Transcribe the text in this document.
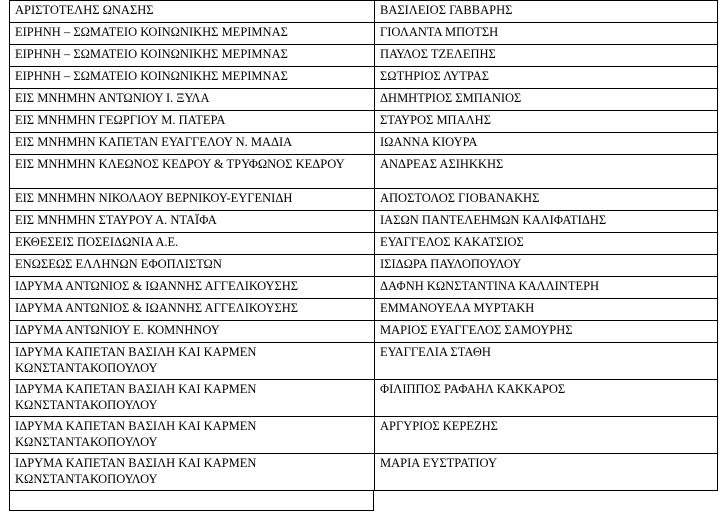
ΑΡΙΣΤΟΤΕΛΗΣ ΩΝΑΣΗΣ	ΒΑΣΙΛΕΙΟΣ ΓΑΒΒΑΡΗΣ
ΕΙΡΗΝΗ – ΣΩΜΑΤΕΙΟ ΚΟΙΝΩΝΙΚΗΣ ΜΕΡΙΜΝΑΣ	ΓΙΟΛΑΝΤΑ ΜΠΟΤΣΗ
ΕΙΡΗΝΗ – ΣΩΜΑΤΕΙΟ ΚΟΙΝΩΝΙΚΗΣ ΜΕΡΙΜΝΑΣ	ΠΑΥΛΟΣ ΤΖΕΛΕΠΗΣ
ΕΙΡΗΝΗ – ΣΩΜΑΤΕΙΟ ΚΟΙΝΩΝΙΚΗΣ ΜΕΡΙΜΝΑΣ	ΣΩΤΗΡΙΟΣ ΛΥΤΡΑΣ
ΕΙΣ ΜΝΗΜΗΝ ΑΝΤΩΝΙΟΥ Ι. ΞΥΛΑ	ΔΗΜΗΤΡΙΟΣ ΣΜΠΑΝΙΟΣ
ΕΙΣ ΜΝΗΜΗΝ ΓΕΩΡΓΙΟΥ Μ. ΠΑΤΕΡΑ	ΣΤΑΥΡΟΣ ΜΠΑΛΗΣ
ΕΙΣ ΜΝΗΜΗΝ ΚΑΠΕΤΑΝ ΕΥΑΓΓΕΛΟΥ Ν. ΜΑΔΙΑ	ΙΩΑΝΝΑ ΚΙΟΥΡΑ
ΕΙΣ ΜΝΗΜΗΝ ΚΛΕΩΝΟΣ ΚΕΔΡΟΥ & ΤΡΥΦΩΝΟΣ ΚΕΔΡΟΥ	ΑΝΔΡΕΑΣ ΑΣΙΗΚΚΗΣ
ΕΙΣ ΜΝΗΜΗΝ ΝΙΚΟΛΑΟΥ ΒΕΡΝΙΚΟΥ-ΕΥΓΕΝΙΔΗ	ΑΠΟΣΤΟΛΟΣ ΓΙΟΒΑΝΑΚΗΣ
ΕΙΣ ΜΝΗΜΗΝ ΣΤΑΥΡΟΥ Α. ΝΤΑΪΦΑ	ΙΑΣΩΝ ΠΑΝΤΕΛΕΗΜΩΝ ΚΑΛΙΦΑΤΙΔΗΣ
ΕΚΘΕΣΕΙΣ ΠΟΣΕΙΔΩΝΙΑ Α.Ε.	ΕΥΑΓΓΕΛΟΣ ΚΑΚΑΤΣΙΟΣ
ΕΝΩΣΕΩΣ ΕΛΛΗΝΩΝ ΕΦΟΠΛΙΣΤΩΝ	ΙΣΙΔΩΡΑ ΠΑΥΛΟΠΟΥΛΟΥ
ΙΔΡΥΜΑ ΑΝΤΩΝΙΟΣ & ΙΩΑΝΝΗΣ ΑΓΓΕΛΙΚΟΥΣΗΣ	ΔΑΦΝΗ ΚΩΝΣΤΑΝΤΙΝΑ ΚΑΛΛΙΝΤΕΡΗ
ΙΔΡΥΜΑ ΑΝΤΩΝΙΟΣ & ΙΩΑΝΝΗΣ ΑΓΓΕΛΙΚΟΥΣΗΣ	ΕΜΜΑΝΟΥΕΛΑ ΜΥΡΤΑΚΗ
ΙΔΡΥΜΑ ΑΝΤΩΝΙΟΥ Ε. ΚΟΜΝΗΝΟΥ	ΜΑΡΙΟΣ ΕΥΑΓΓΕΛΟΣ ΣΑΜΟΥΡΗΣ
ΙΔΡΥΜΑ ΚΑΠΕΤΑΝ ΒΑΣΙΛΗ ΚΑΙ ΚΑΡΜΕΝ ΚΩΝΣΤΑΝΤΑΚΟΠΟΥΛΟΥ	ΕΥΑΓΓΕΛΙΑ ΣΤΑΘΗ
ΙΔΡΥΜΑ ΚΑΠΕΤΑΝ ΒΑΣΙΛΗ ΚΑΙ ΚΑΡΜΕΝ ΚΩΝΣΤΑΝΤΑΚΟΠΟΥΛΟΥ	ΦΙΛΙΠΠΟΣ ΡΑΦΑΗΛ ΚΑΚΚΑΡΟΣ
ΙΔΡΥΜΑ ΚΑΠΕΤΑΝ ΒΑΣΙΛΗ ΚΑΙ ΚΑΡΜΕΝ ΚΩΝΣΤΑΝΤΑΚΟΠΟΥΛΟΥ	ΑΡΓΥΡΙΟΣ ΚΕΡΕΖΗΣ
ΙΔΡΥΜΑ ΚΑΠΕΤΑΝ ΒΑΣΙΛΗ ΚΑΙ ΚΑΡΜΕΝ ΚΩΝΣΤΑΝΤΑΚΟΠΟΥΛΟΥ	ΜΑΡΙΑ ΕΥΣΤΡΑΤΙΟΥ
